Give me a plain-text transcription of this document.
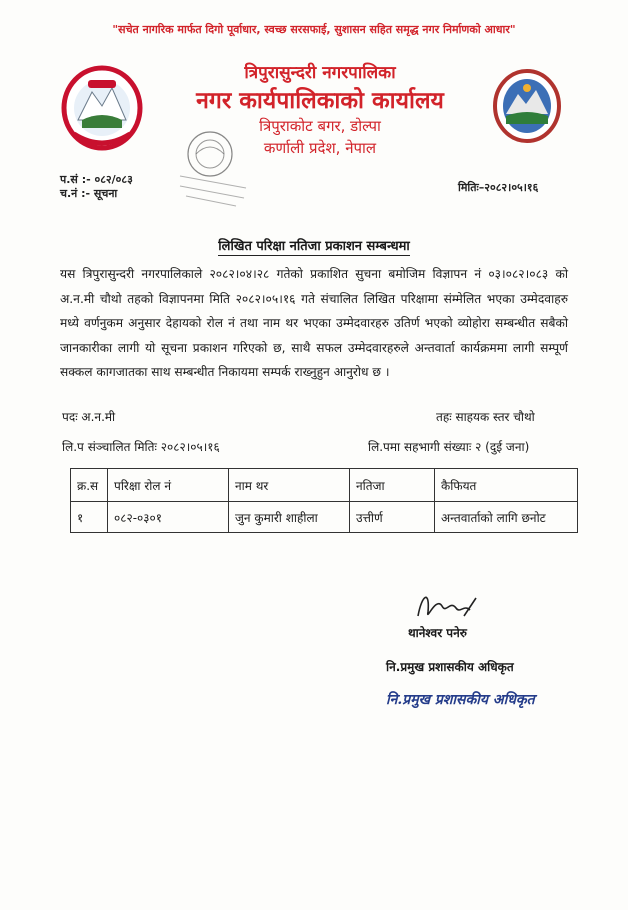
"सचेत नागरिक मार्फत दिगो पूर्वाधार, स्वच्छ सरसफाई, सुशासन सहित समृद्ध नगर निर्माणको आधार"
त्रिपुरासुन्दरी नगरपालिका
नगर कार्यपालिकाको कार्यालय
त्रिपुराकोट बगर, डोल्पा
कर्णाली प्रदेश, नेपाल
प.सं :- ०८२/०८३
च.नं :- सूचना	मितिः–२०८२।०५।१६
लिखित परिक्षा नतिजा प्रकाशन सम्बन्धमा
यस त्रिपुरासुन्दरी नगरपालिकाले २०८२।०४।२८ गतेको प्रकाशित सुचना बमोजिम विज्ञापन नं ०३।०८२।०८३ को अ.न.मी चौथो तहको विज्ञापनमा मिति २०८२।०५।१६ गते संचालित लिखित परिक्षामा संम्मेलित भएका उम्मेदवाहरु मध्ये वर्णनुकम अनुसार देहायको रोल नं तथा नाम थर भएका उम्मेदवारहरु उतिर्ण भएको व्योहोरा सम्बन्धीत सबैको जानकारीका लागी यो सूचना प्रकाशन गरिएको छ, साथै सफल उम्मेदवारहरुले अन्तवार्ता कार्यक्रममा लागी सम्पूर्ण सक्कल कागजातका साथ सम्बन्धीत निकायमा सम्पर्क राख्नुहुन आनुरोध छ ।
पदः अ.न.मी	तहः साहयक स्तर चौथो
लि.प संञ्चालित मितिः २०८२।०५।१६	लि.पमा सहभागी संख्याः २ (दुई जना)
क्र.स	परिक्षा रोल नं	नाम थर	नतिजा	कैफियत
१	०८२-०३०१	जुन कुमारी शाहीला	उत्तीर्ण	अन्तवार्ताको लागि छनोट
थानेश्वर पनेरु
नि.प्रमुख प्रशासकीय अधिकृत
नि.प्रमुख प्रशासकीय अधिकृत
